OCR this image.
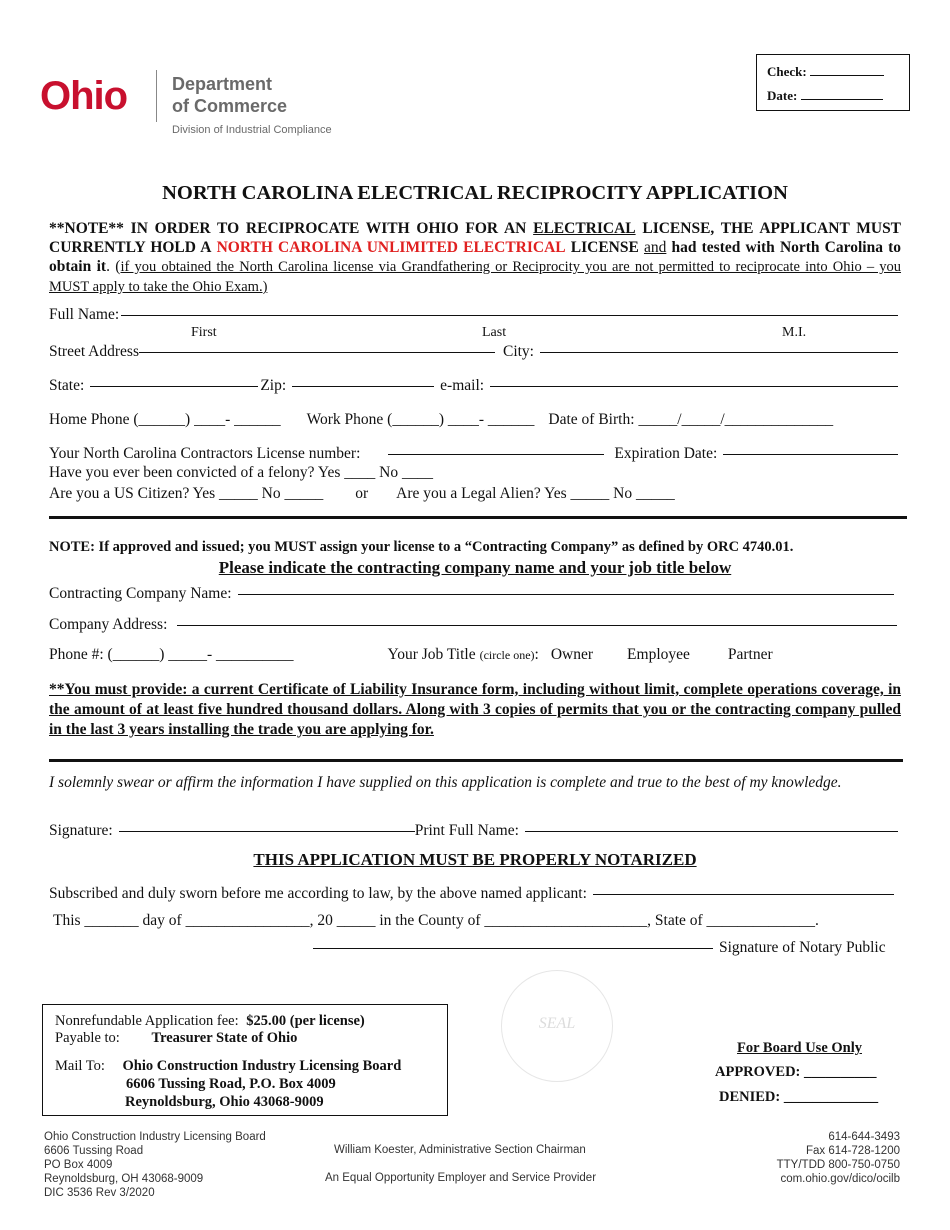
Ohio Department
of Commerce
Division of Industrial Compliance
Check:
Date:
NORTH CAROLINA ELECTRICAL RECIPROCITY APPLICATION
**NOTE** IN ORDER TO RECIPROCATE WITH OHIO FOR AN ELECTRICAL LICENSE, THE APPLICANT MUST CURRENTLY HOLD A NORTH CAROLINA UNLIMITED ELECTRICAL LICENSE and had tested with North Carolina to obtain it. (if you obtained the North Carolina license via Grandfathering or Reciprocity you are not permitted to reciprocate into Ohio – you MUST apply to take the Ohio Exam.)
Full Name:
First	Last	M.I.
Street Address	City:
State:	Zip:	e-mail:
Home Phone ( ______) ____- ______ Work Phone ( ______) ____- ______ Date of Birth: _____/_____/______________
Your North Carolina Contractors License number:	Expiration Date:
Have you ever been convicted of a felony? Yes ____ No ____
Are you a US Citizen? Yes _____ No _____ or Are you a Legal Alien? Yes _____ No _____
NOTE: If approved and issued; you MUST assign your license to a “Contracting Company” as defined by ORC 4740.01.
Please indicate the contracting company name and your job title below
Contracting Company Name:
Company Address:
Phone #: (______) _____- __________	Your Job Title (circle one) : Owner Employee Partner
**You must provide: a current Certificate of Liability Insurance form, including without limit, complete operations coverage, in the amount of at least five hundred thousand dollars. Along with 3 copies of permits that you or the contracting company pulled in the last 3 years installing the trade you are applying for.
I solemnly swear or affirm the information I have supplied on this application is complete and true to the best of my knowledge.
Signature:	Print Full Name:
THIS APPLICATION MUST BE PROPERLY NOTARIZED
Subscribed and duly sworn before me according to law, by the above named applicant:
This _______ day of ________________, 20 _____ in the County of _____________________, State of ______________.
Signature of Notary Public
SEAL
Nonrefundable Application fee: $25.00 (per license)
Payable to: Treasurer State of Ohio
Mail To: Ohio Construction Industry Licensing Board
6606 Tussing Road, P.O. Box 4009
Reynoldsburg, Ohio 43068-9009
For Board Use Only
APPROVED: __________
DENIED: _____________
Ohio Construction Industry Licensing Board
6606 Tussing Road
PO Box 4009
Reynoldsburg, OH 43068-9009
DIC 3536 Rev 3/2020
William Koester, Administrative Section Chairman
An Equal Opportunity Employer and Service Provider
614-644-3493
Fax 614-728-1200
TTY/TDD 800-750-0750
com.ohio.gov/dico/ocilb
